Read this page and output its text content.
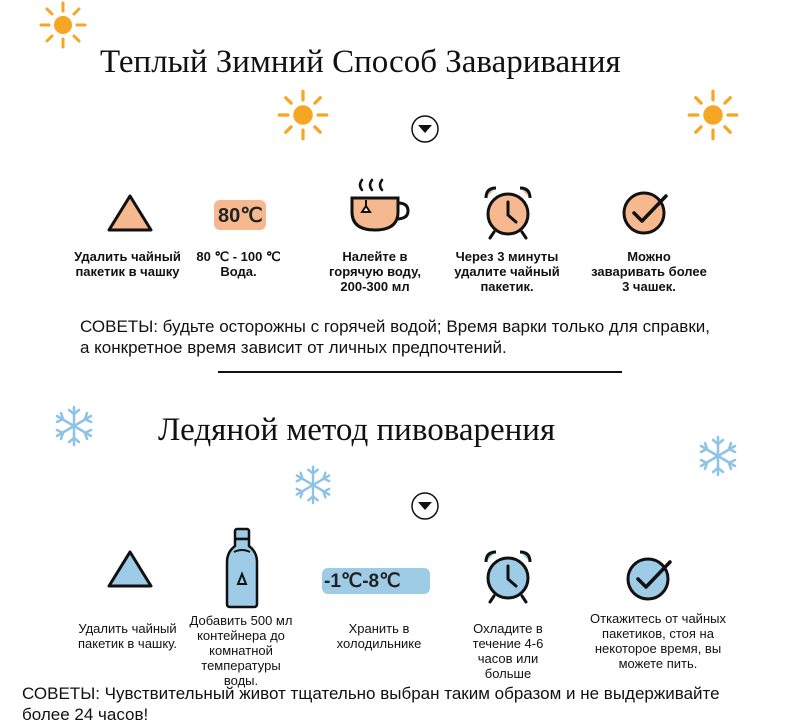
Теплый Зимний Способ Заваривания
Удалить чайный пакетик в чашку
80℃
80 ℃ - 100 ℃ Вода.
Налейте в горячую воду, 200-300 мл
Через 3 минуты удалите чайный пакетик.
Можно заваривать более 3 чашек.
СОВЕТЫ: будьте осторожны с горячей водой; Время варки только для справки, а конкретное время зависит от личных предпочтений.
Ледяной метод пивоварения
Удалить чайный пакетик в чашку.
Добавить 500 мл контейнера до комнатной температуры воды.
-1℃-8℃
Хранить в холодильнике
Охладите в течение 4-6 часов или больше
Откажитесь от чайных пакетиков, стоя на некоторое время, вы можете пить.
СОВЕТЫ: Чувствительный живот тщательно выбран таким образом и не выдерживайте более 24 часов!
